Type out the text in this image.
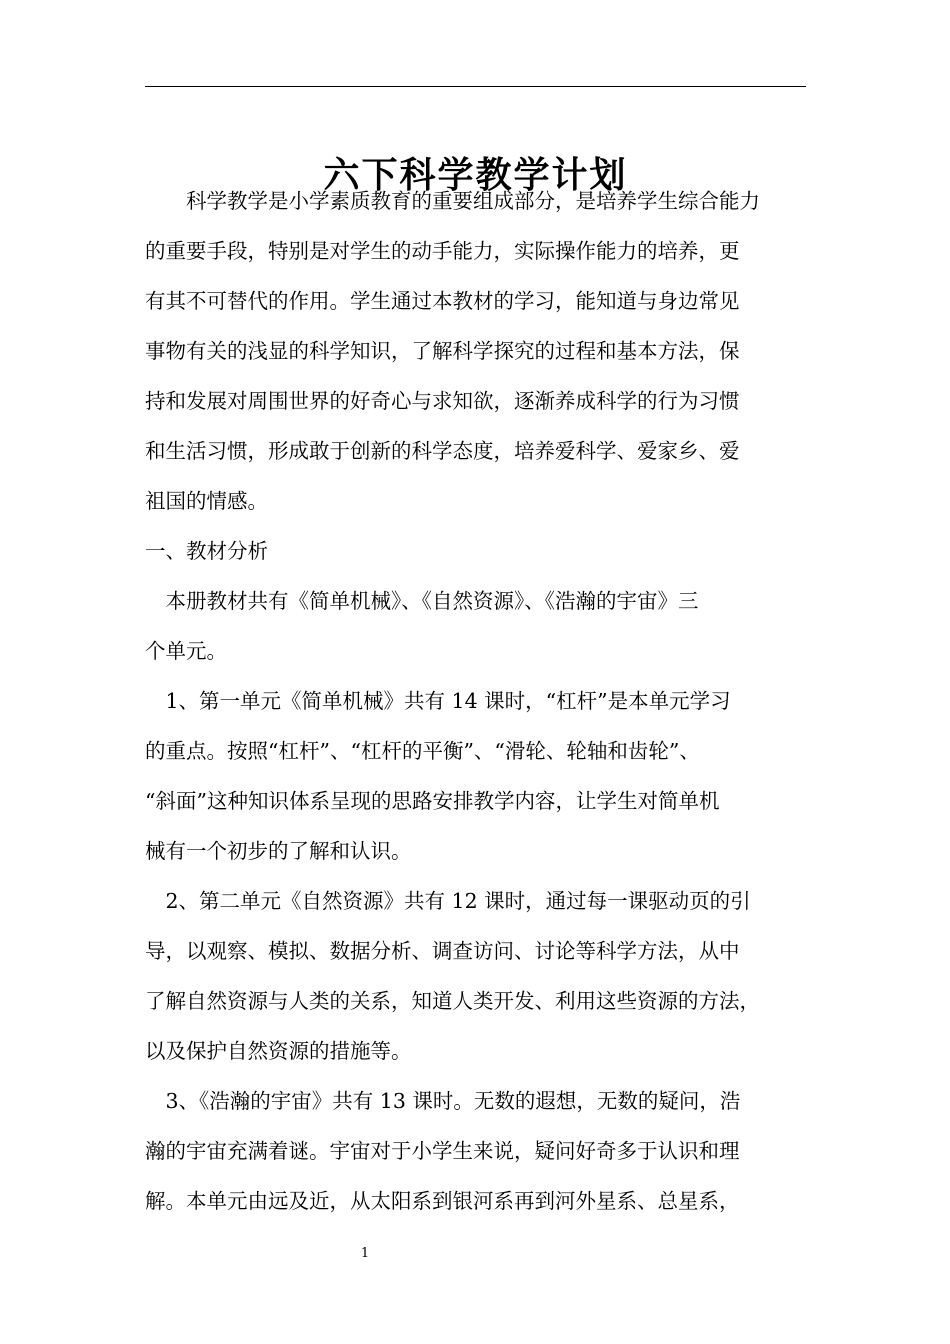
六下科学教学计划

　　科学教学是小学素质教育的重要组成部分，是培养学生综合能力

的重要手段，特别是对学生的动手能力，实际操作能力的培养，更

有其不可替代的作用。学生通过本教材的学习，能知道与身边常见

事物有关的浅显的科学知识，了解科学探究的过程和基本方法，保

持和发展对周围世界的好奇心与求知欲，逐渐养成科学的行为习惯

和生活习惯，形成敢于创新的科学态度，培养爱科学、爱家乡、爱

祖国的情感。

一、教材分析

　本册教材共有《简单机械》、《自然资源》、《浩瀚的宇宙》三

个单元。

　1、第一单元《简单机械》共有 14 课时，“杠杆”是本单元学习

的重点。按照“杠杆”、“杠杆的平衡”、“滑轮、轮轴和齿轮”、

“斜面”这种知识体系呈现的思路安排教学内容，让学生对简单机

械有一个初步的了解和认识。

　2、第二单元《自然资源》共有 12 课时，通过每一课驱动页的引

导，以观察、模拟、数据分析、调查访问、讨论等科学方法，从中

了解自然资源与人类的关系，知道人类开发、利用这些资源的方法，

以及保护自然资源的措施等。

　3、《浩瀚的宇宙》共有 13 课时。无数的遐想，无数的疑问，浩

瀚的宇宙充满着谜。宇宙对于小学生来说，疑问好奇多于认识和理

解。本单元由远及近，从太阳系到银河系再到河外星系、总星系，

1
